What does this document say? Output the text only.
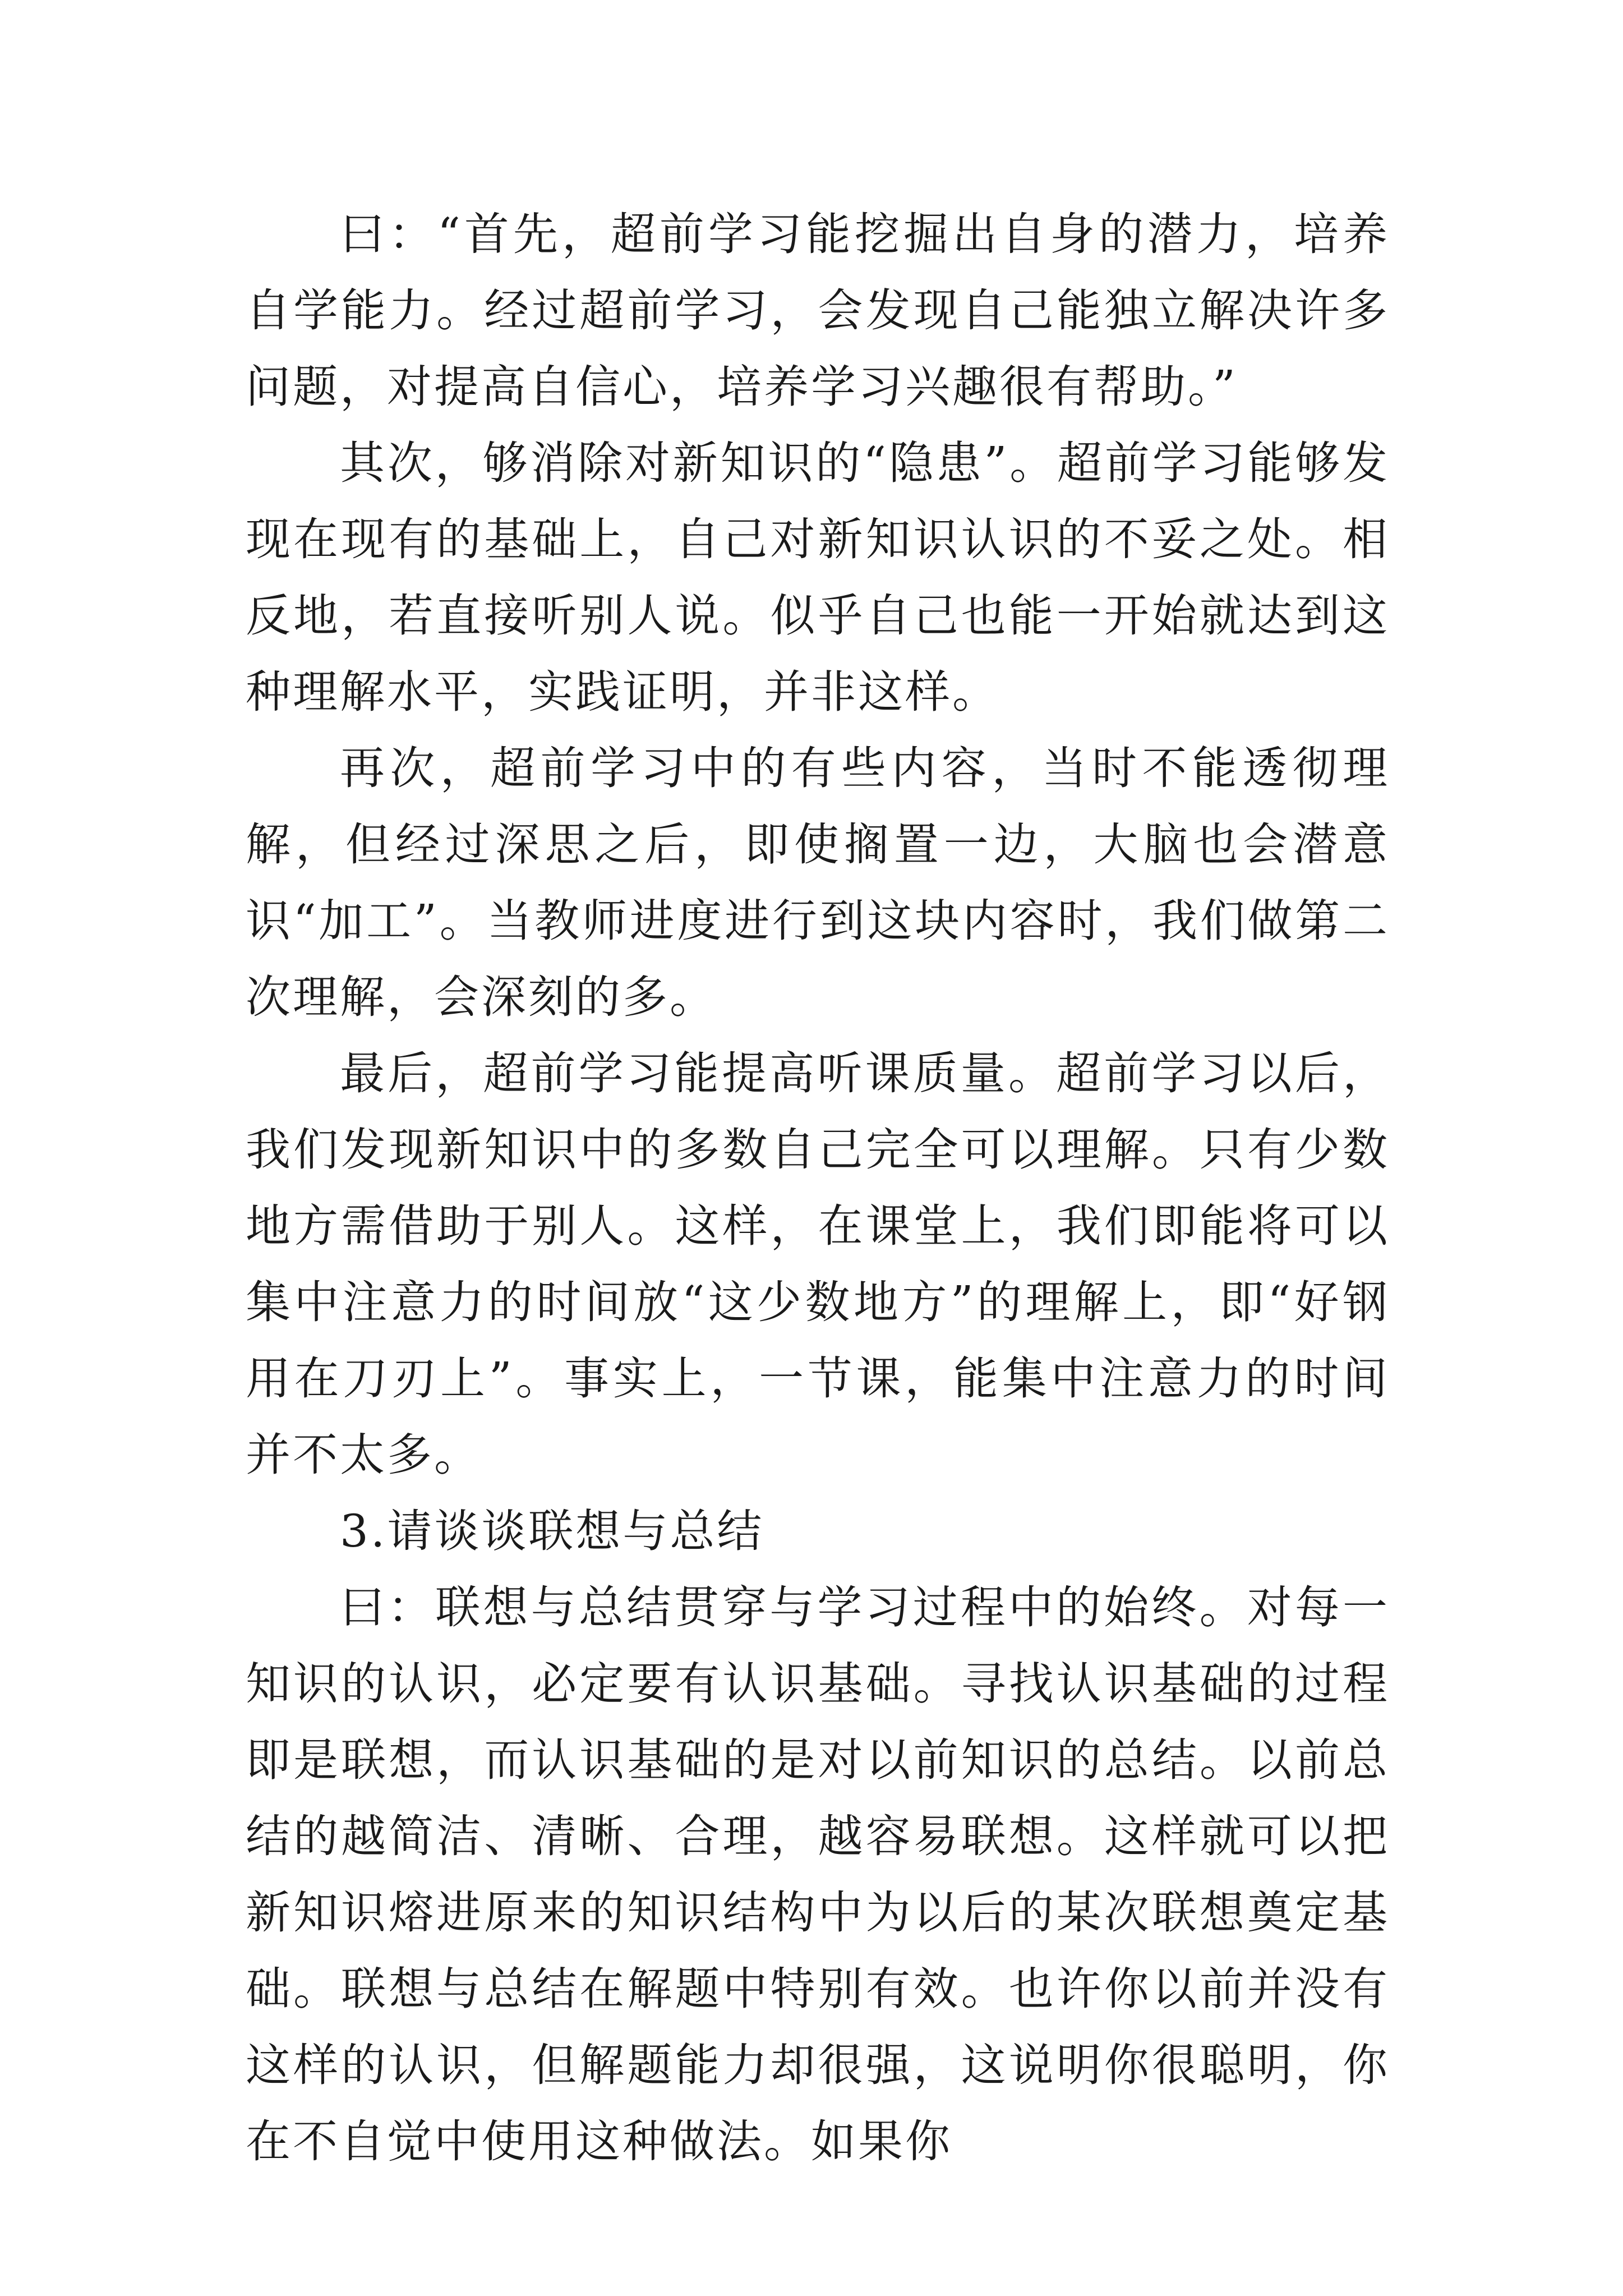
曰：“首先，超前学习能挖掘出自身的潜力，培养自学能力。经过超前学习，会发现自己能独立解决许多问题，对提高自信心，培养学习兴趣很有帮助。”

其次，够消除对新知识的“隐患”。超前学习能够发现在现有的基础上，自己对新知识认识的不妥之处。相反地，若直接听别人说。似乎自己也能一开始就达到这种理解水平，实践证明，并非这样。

再次，超前学习中的有些内容，当时不能透彻理解，但经过深思之后，即使搁置一边，大脑也会潜意识“加工”。当教师进度进行到这块内容时，我们做第二次理解，会深刻的多。

最后，超前学习能提高听课质量。超前学习以后，我们发现新知识中的多数自己完全可以理解。只有少数地方需借助于别人。这样，在课堂上，我们即能将可以集中注意力的时间放“这少数地方”的理解上，即“好钢用在刀刃上”。事实上，一节课，能集中注意力的时间并不太多。

3.请谈谈联想与总结

曰：联想与总结贯穿与学习过程中的始终。对每一知识的认识，必定要有认识基础。寻找认识基础的过程即是联想，而认识基础的是对以前知识的总结。以前总结的越简洁、清晰、合理，越容易联想。这样就可以把新知识熔进原来的知识结构中为以后的某次联想奠定基础。联想与总结在解题中特别有效。也许你以前并没有这样的认识，但解题能力却很强，这说明你很聪明，你在不自觉中使用这种做法。如果你
